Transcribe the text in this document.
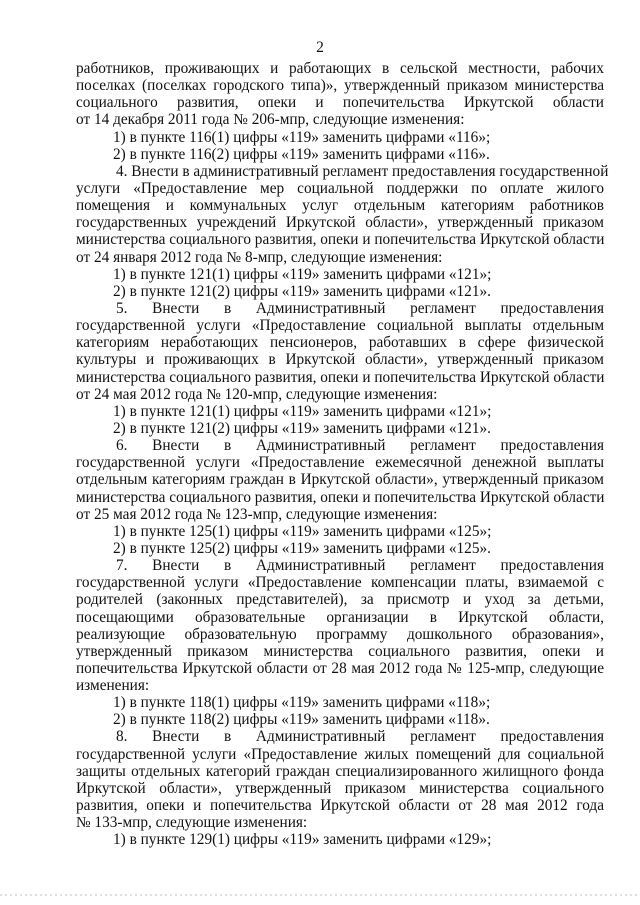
2
работников, проживающих и работающих в сельской местности, рабочих
поселках (поселках городского типа)», утвержденный приказом министерства
социального развития, опеки и попечительства Иркутской области
от 14 декабря 2011 года № 206-мпр, следующие изменения:
1) в пункте 116(1) цифры «119» заменить цифрами «116»;
2) в пункте 116(2) цифры «119» заменить цифрами «116».
4. Внести в административный регламент предоставления государственной
услуги «Предоставление мер социальной поддержки по оплате жилого
помещения и коммунальных услуг отдельным категориям работников
государственных учреждений Иркутской области», утвержденный приказом
министерства социального развития, опеки и попечительства Иркутской области
от 24 января 2012 года № 8-мпр, следующие изменения:
1) в пункте 121(1) цифры «119» заменить цифрами «121»;
2) в пункте 121(2) цифры «119» заменить цифрами «121».
5. Внести в Административный регламент предоставления
государственной услуги «Предоставление социальной выплаты отдельным
категориям неработающих пенсионеров, работавших в сфере физической
культуры и проживающих в Иркутской области», утвержденный приказом
министерства социального развития, опеки и попечительства Иркутской области
от 24 мая 2012 года № 120-мпр, следующие изменения:
1) в пункте 121(1) цифры «119» заменить цифрами «121»;
2) в пункте 121(2) цифры «119» заменить цифрами «121».
6. Внести в Административный регламент предоставления
государственной услуги «Предоставление ежемесячной денежной выплаты
отдельным категориям граждан в Иркутской области», утвержденный приказом
министерства социального развития, опеки и попечительства Иркутской области
от 25 мая 2012 года № 123-мпр, следующие изменения:
1) в пункте 125(1) цифры «119» заменить цифрами «125»;
2) в пункте 125(2) цифры «119» заменить цифрами «125».
7. Внести в Административный регламент предоставления
государственной услуги «Предоставление компенсации платы, взимаемой с
родителей (законных представителей), за присмотр и уход за детьми,
посещающими образовательные организации в Иркутской области,
реализующие образовательную программу дошкольного образования»,
утвержденный приказом министерства социального развития, опеки и
попечительства Иркутской области от 28 мая 2012 года № 125-мпр, следующие
изменения:
1) в пункте 118(1) цифры «119» заменить цифрами «118»;
2) в пункте 118(2) цифры «119» заменить цифрами «118».
8. Внести в Административный регламент предоставления
государственной услуги «Предоставление жилых помещений для социальной
защиты отдельных категорий граждан специализированного жилищного фонда
Иркутской области», утвержденный приказом министерства социального
развития, опеки и попечительства Иркутской области от 28 мая 2012 года
№ 133-мпр, следующие изменения:
1) в пункте 129(1) цифры «119» заменить цифрами «129»;
